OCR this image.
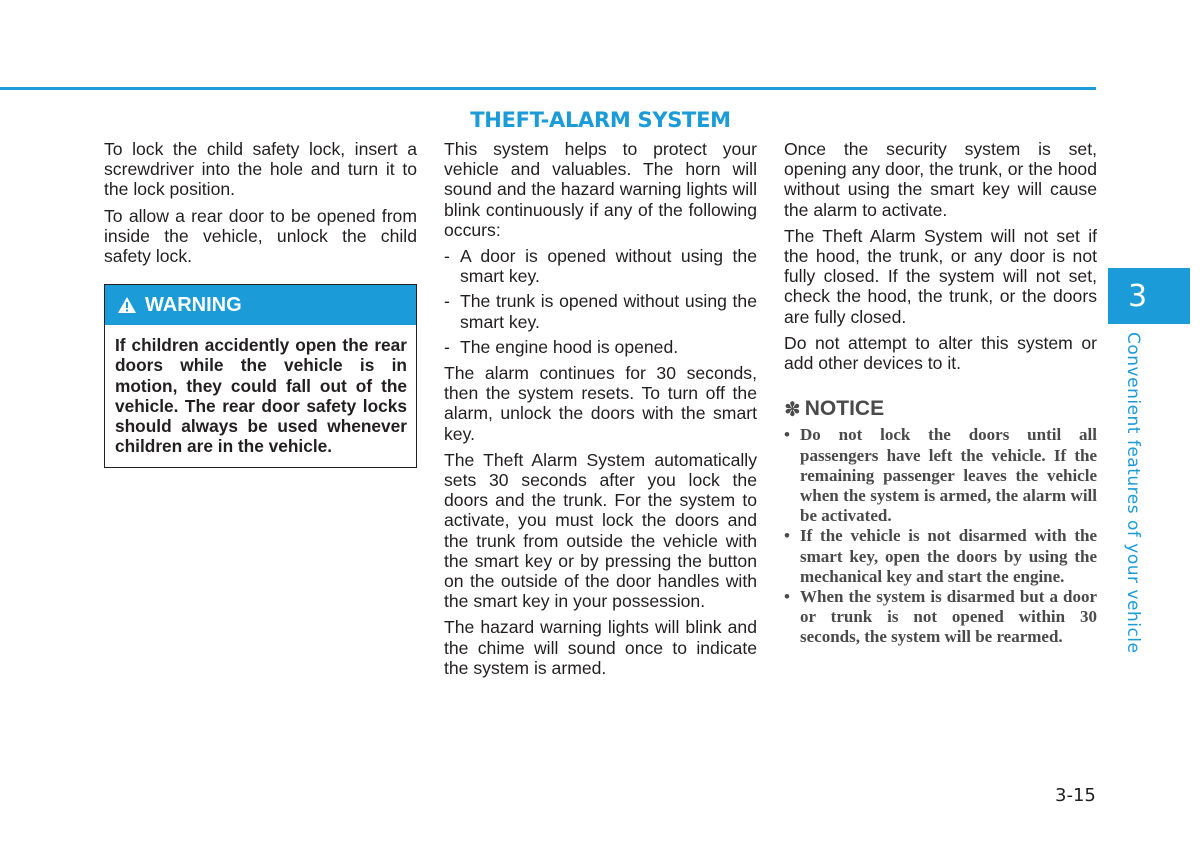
THEFT-ALARM SYSTEM

To lock the child safety lock, insert a screwdriver into the hole and turn it to the lock position.

To allow a rear door to be opened from inside the vehicle, unlock the child safety lock.

WARNING
If children accidently open the rear doors while the vehicle is in motion, they could fall out of the vehicle. The rear door safety locks should always be used whenever children are in the vehicle.

This system helps to protect your vehicle and valuables. The horn will sound and the hazard warning lights will blink continuously if any of the following occurs:

- A door is opened without using the smart key.
- The trunk is opened without using the smart key.
- The engine hood is opened.

The alarm continues for 30 seconds, then the system resets. To turn off the alarm, unlock the doors with the smart key.

The Theft Alarm System automatically sets 30 seconds after you lock the doors and the trunk. For the system to activate, you must lock the doors and the trunk from outside the vehicle with the smart key or by pressing the button on the outside of the door handles with the smart key in your possession.

The hazard warning lights will blink and the chime will sound once to indicate the system is armed.

Once the security system is set, opening any door, the trunk, or the hood without using the smart key will cause the alarm to activate.

The Theft Alarm System will not set if the hood, the trunk, or any door is not fully closed. If the system will not set, check the hood, the trunk, or the doors are fully closed.

Do not attempt to alter this system or add other devices to it.

✽ NOTICE
• Do not lock the doors until all passengers have left the vehicle. If the remaining passenger leaves the vehicle when the system is armed, the alarm will be activated.
• If the vehicle is not disarmed with the smart key, open the doors by using the mechanical key and start the engine.
• When the system is disarmed but a door or trunk is not opened within 30 seconds, the system will be rearmed.
3
Convenient features of your vehicle
3-15
